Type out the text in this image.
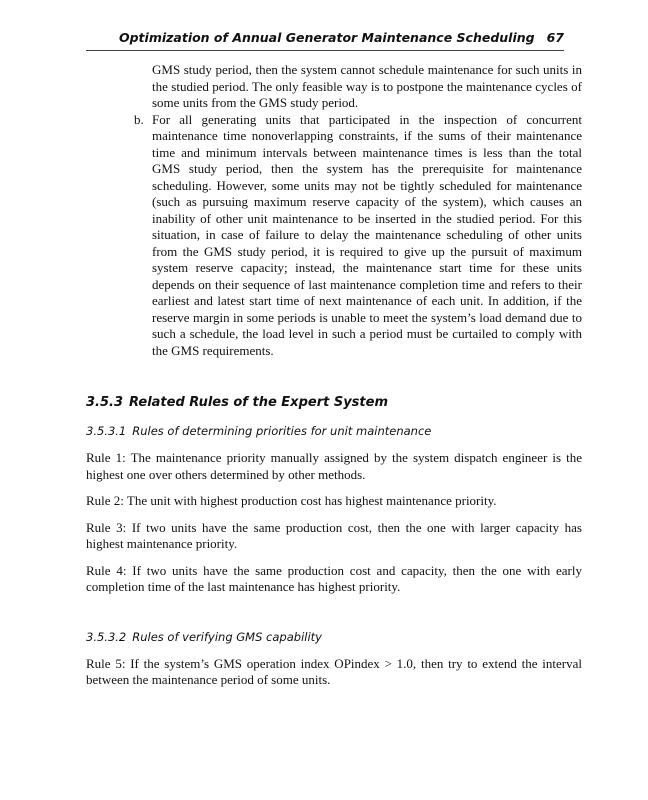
Optimization of Annual Generator Maintenance Scheduling 67

GMS study period, then the system cannot schedule maintenance for such units in the studied period. The only feasible way is to postpone the maintenance cycles of some units from the GMS study period.

b. For all generating units that participated in the inspection of concurrent maintenance time nonoverlapping constraints, if the sums of their maintenance time and minimum intervals between maintenance times is less than the total GMS study period, then the system has the prerequisite for maintenance scheduling. However, some units may not be tightly scheduled for maintenance (such as pursuing maximum reserve capacity of the system), which causes an inability of other unit maintenance to be inserted in the studied period. For this situation, in case of failure to delay the maintenance scheduling of other units from the GMS study period, it is required to give up the pursuit of maximum system reserve capacity; instead, the maintenance start time for these units depends on their sequence of last maintenance completion time and refers to their earliest and latest start time of next maintenance of each unit. In addition, if the reserve margin in some periods is unable to meet the system’s load demand due to such a schedule, the load level in such a period must be curtailed to comply with the GMS requirements.

3.5.3 Related Rules of the Expert System
3.5.3.1 Rules of determining priorities for unit maintenance

Rule 1: The maintenance priority manually assigned by the system dispatch engineer is the highest one over others determined by other methods.

Rule 2: The unit with highest production cost has highest maintenance priority.

Rule 3: If two units have the same production cost, then the one with larger capacity has highest maintenance priority.

Rule 4: If two units have the same production cost and capacity, then the one with early completion time of the last maintenance has highest priority.

3.5.3.2 Rules of verifying GMS capability

Rule 5: If the system’s GMS operation index OPindex > 1.0, then try to extend the interval between the maintenance period of some units.
